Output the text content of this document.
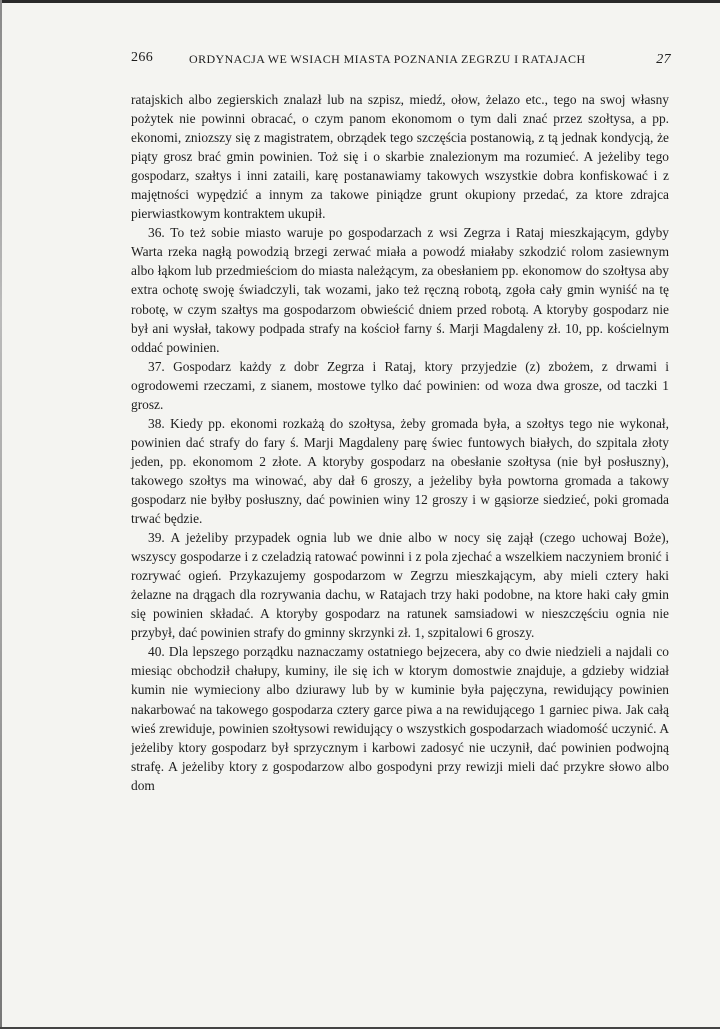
266	ORDYNACJA WE WSIACH MIASTA POZNANIA ZEGRZU I RATAJACH	27

ratajskich albo zegierskich znalazł lub na szpisz, miedź, ołow, żelazo etc., tego na swoj własny pożytek nie powinni obracać, o czym panom ekonomom o tym dali znać przez szołtysa, a pp. ekonomi, zniozszy się z magistratem, obrządek tego szczęścia postanowią, z tą jednak kondycją, że piąty grosz brać gmin powinien. Toż się i o skarbie znalezionym ma rozumieć. A jeżeliby tego gospodarz, szałtys i inni zataili, karę postanawiamy takowych wszystkie dobra konfiskować i z majętności wypędzić a innym za takowe piniądze grunt okupiony przedać, za ktore zdrajca pierwiastkowym kontraktem ukupił.

36. To też sobie miasto waruje po gospodarzach z wsi Zegrza i Rataj mieszkającym, gdyby Warta rzeka nagłą powodzią brzegi zerwać miała a powodź miałaby szkodzić rolom zasiewnym albo łąkom lub przedmieściom do miasta należącym, za obesłaniem pp. ekonomow do szołtysa aby extra ochotę swoję świadczyli, tak wozami, jako też ręczną robotą, zgoła cały gmin wyniść na tę robotę, w czym szałtys ma gospodarzom obwieścić dniem przed robotą. A ktoryby gospodarz nie był ani wysłał, takowy podpada strafy na kościoł farny ś. Marji Magdaleny zł. 10, pp. kościelnym oddać powinien.

37. Gospodarz każdy z dobr Zegrza i Rataj, ktory przyjedzie (z) zbożem, z drwami i ogrodowemi rzeczami, z sianem, mostowe tylko dać powinien: od woza dwa grosze, od taczki 1 grosz.

38. Kiedy pp. ekonomi rozkażą do szołtysa, żeby gromada była, a szołtys tego nie wykonał, powinien dać strafy do fary ś. Marji Magdaleny parę świec funtowych białych, do szpitala złoty jeden, pp. ekonomom 2 złote. A ktoryby gospodarz na obesłanie szołtysa (nie był posłuszny), takowego szołtys ma winować, aby dał 6 groszy, a jeżeliby była powtorna gromada a takowy gospodarz nie byłby posłuszny, dać powinien winy 12 groszy i w gąsiorze siedzieć, poki gromada trwać będzie.

39. A jeżeliby przypadek ognia lub we dnie albo w nocy się zajął (czego uchowaj Boże), wszyscy gospodarze i z czeladzią ratować powinni i z pola zjechać a wszelkiem naczyniem bronić i rozrywać ogień. Przykazujemy gospodarzom w Zegrzu mieszkającym, aby mieli cztery haki żelazne na drągach dla rozrywania dachu, w Ratajach trzy haki podobne, na ktore haki cały gmin się powinien składać. A ktoryby gospodarz na ratunek samsiadowi w nieszczęściu ognia nie przybył, dać powinien strafy do gminny skrzynki zł. 1, szpitalowi 6 groszy.

40. Dla lepszego porządku naznaczamy ostatniego bejzecera, aby co dwie niedzieli a najdali co miesiąc obchodził chałupy, kuminy, ile się ich w ktorym domostwie znajduje, a gdzieby widział kumin nie wymieciony albo dziurawy lub by w kuminie była pajęczyna, rewidujący powinien nakarbować na takowego gospodarza cztery garce piwa a na rewidującego 1 garniec piwa. Jak całą wieś zrewiduje, powinien szołtysowi rewidujący o wszystkich gospodarzach wiadomość uczynić. A jeżeliby ktory gospodarz był sprzycznym i karbowi zadosyć nie uczynił, dać powinien podwojną strafę. A jeżeliby ktory z gospodarzow albo gospodyni przy rewizji mieli dać przykre słowo albo dom
